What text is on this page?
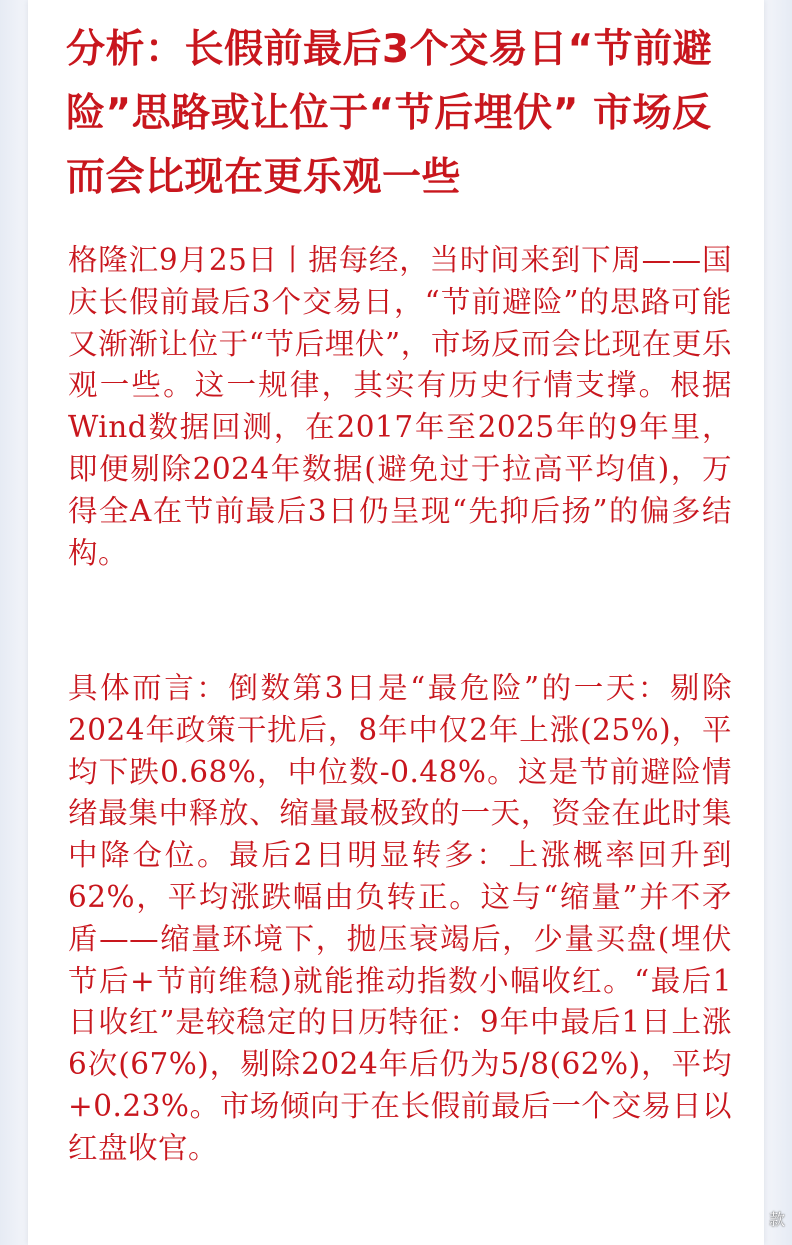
分析：长假前最后3个交易日“节前避险”思路或让位于“节后埋伏” 市场反而会比现在更乐观一些

格隆汇9月25日丨据每经，当时间来到下周——国庆长假前最后3个交易日，“节前避险”的思路可能又渐渐让位于“节后埋伏”，市场反而会比现在更乐观一些。这一规律，其实有历史行情支撑。根据Wind数据回测，在2017年至2025年的9年里，即便剔除2024年数据(避免过于拉高平均值)，万得全A在节前最后3日仍呈现“先抑后扬”的偏多结构。

具体而言：倒数第3日是“最危险”的一天：剔除2024年政策干扰后，8年中仅2年上涨(25%)，平均下跌0.68%，中位数-0.48%。这是节前避险情绪最集中释放、缩量最极致的一天，资金在此时集中降仓位。最后2日明显转多：上涨概率回升到62%，平均涨跌幅由负转正。这与“缩量”并不矛盾——缩量环境下，抛压衰竭后，少量买盘(埋伏节后+节前维稳)就能推动指数小幅收红。“最后1日收红”是较稳定的日历特征：9年中最后1日上涨6次(67%)，剔除2024年后仍为5/8(62%)，平均+0.23%。市场倾向于在长假前最后一个交易日以红盘收官。

款
